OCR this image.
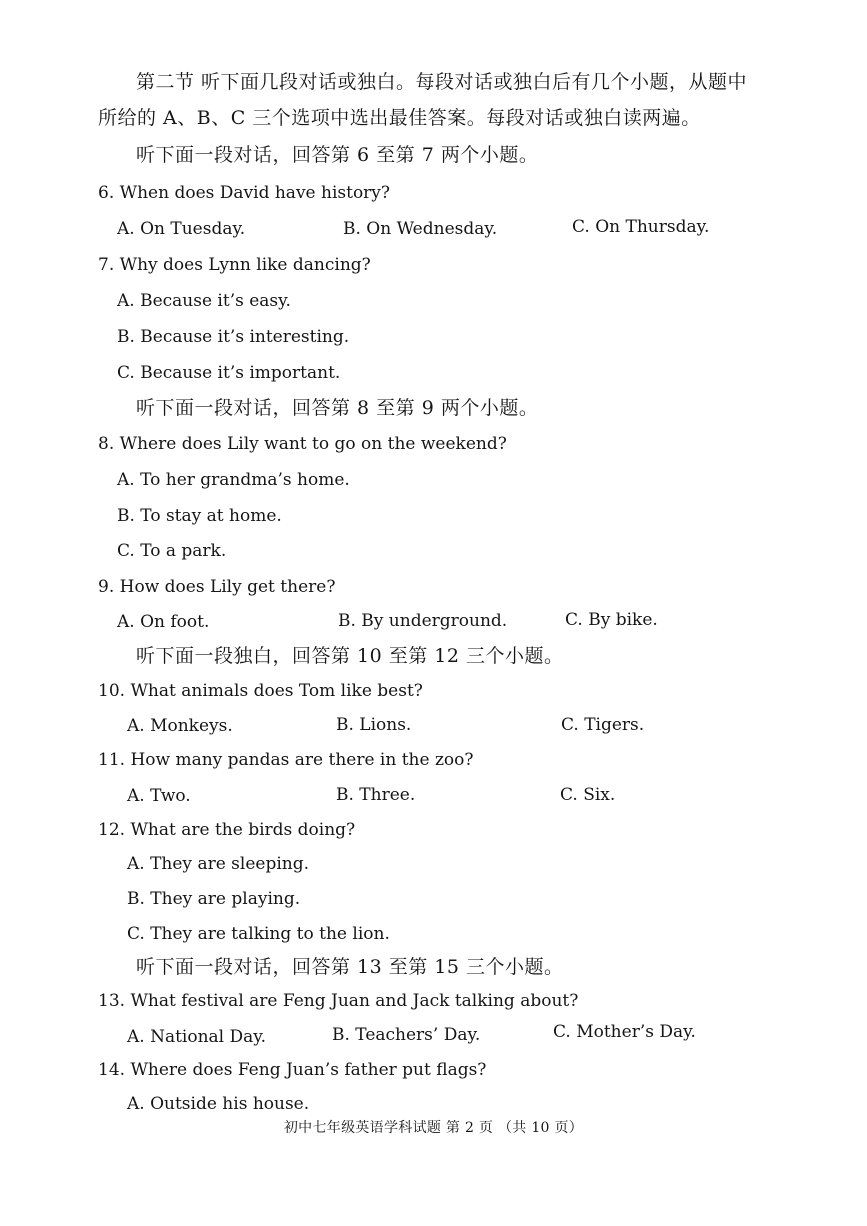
第二节 听下面几段对话或独白。每段对话或独白后有几个小题，从题中
所给的 A、B、C 三个选项中选出最佳答案。每段对话或独白读两遍。
听下面一段对话，回答第 6 至第 7 两个小题。
6. When does David have history?
A. On Tuesday.	B. On Wednesday.	C. On Thursday.
7. Why does Lynn like dancing?
A. Because it’s easy.
B. Because it’s interesting.
C. Because it’s important.
听下面一段对话，回答第 8 至第 9 两个小题。
8. Where does Lily want to go on the weekend?
A. To her grandma’s home.
B. To stay at home.
C. To a park.
9. How does Lily get there?
A. On foot.	B. By underground.	C. By bike.
听下面一段独白，回答第 10 至第 12 三个小题。
10. What animals does Tom like best?
A. Monkeys.	B. Lions.	C. Tigers.
11. How many pandas are there in the zoo?
A. Two.	B. Three.	C. Six.
12. What are the birds doing?
A. They are sleeping.
B. They are playing.
C. They are talking to the lion.
听下面一段对话，回答第 13 至第 15 三个小题。
13. What festival are Feng Juan and Jack talking about?
A. National Day.	B. Teachers’ Day.	C. Mother’s Day.
14. Where does Feng Juan’s father put flags?
A. Outside his house.
初中七年级英语学科试题 第 2 页 （共 10 页）
